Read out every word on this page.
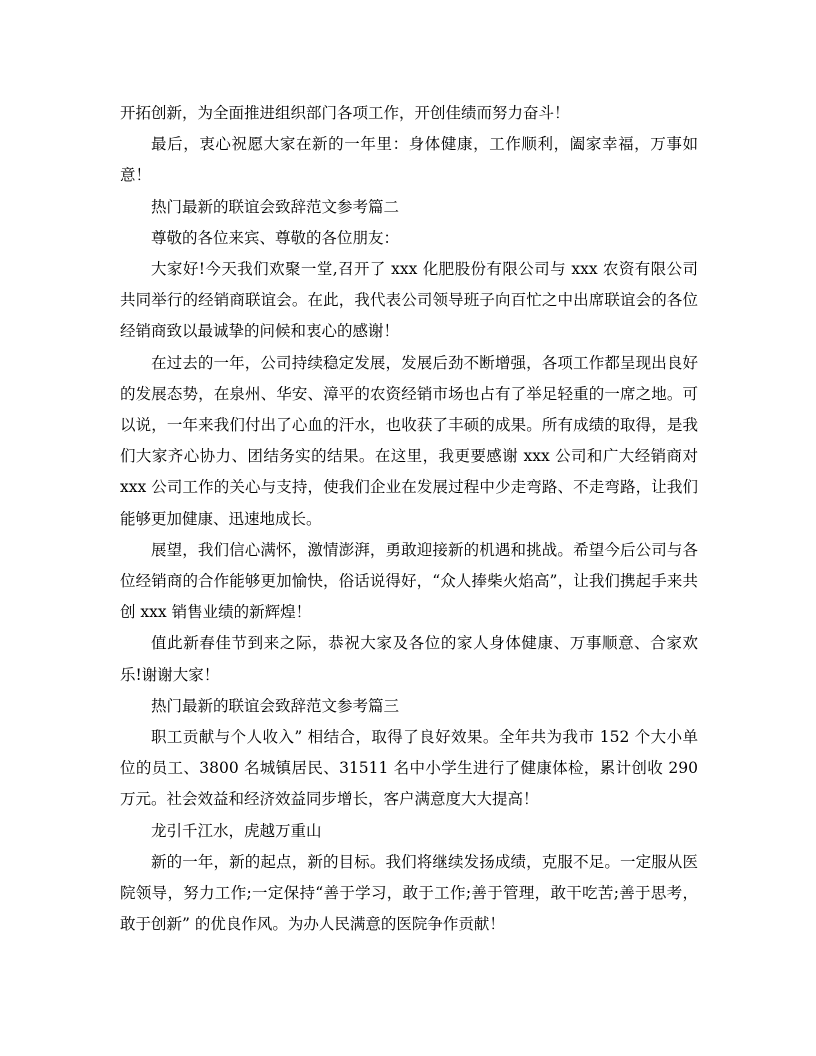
开拓创新，为全面推进组织部门各项工作，开创佳绩而努力奋斗！

最后，衷心祝愿大家在新的一年里：身体健康，工作顺利，阖家幸福，万事如意！

热门最新的联谊会致辞范文参考篇二

尊敬的各位来宾、尊敬的各位朋友：

大家好!今天我们欢聚一堂,召开了 xxx 化肥股份有限公司与 xxx 农资有限公司共同举行的经销商联谊会。在此，我代表公司领导班子向百忙之中出席联谊会的各位经销商致以最诚挚的问候和衷心的感谢！

在过去的一年，公司持续稳定发展，发展后劲不断增强，各项工作都呈现出良好的发展态势，在泉州、华安、漳平的农资经销市场也占有了举足轻重的一席之地。可以说，一年来我们付出了心血的汗水，也收获了丰硕的成果。所有成绩的取得，是我们大家齐心协力、团结务实的结果。在这里，我更要感谢 xxx 公司和广大经销商对 xxx 公司工作的关心与支持，使我们企业在发展过程中少走弯路、不走弯路，让我们能够更加健康、迅速地成长。

展望，我们信心满怀，激情澎湃，勇敢迎接新的机遇和挑战。希望今后公司与各位经销商的合作能够更加愉快，俗话说得好，“众人捧柴火焰高”，让我们携起手来共创 xxx 销售业绩的新辉煌！

值此新春佳节到来之际，恭祝大家及各位的家人身体健康、万事顺意、合家欢乐!谢谢大家！

热门最新的联谊会致辞范文参考篇三

职工贡献与个人收入” 相结合，取得了良好效果。全年共为我市 152 个大小单位的员工、3800 名城镇居民、31511 名中小学生进行了健康体检，累计创收 290 万元。社会效益和经济效益同步增长，客户满意度大大提高！

龙引千江水，虎越万重山

新的一年，新的起点，新的目标。我们将继续发扬成绩，克服不足。一定服从医院领导，努力工作;一定保持“善于学习，敢于工作;善于管理，敢干吃苦;善于思考，敢于创新” 的优良作风。为办人民满意的医院争作贡献！
